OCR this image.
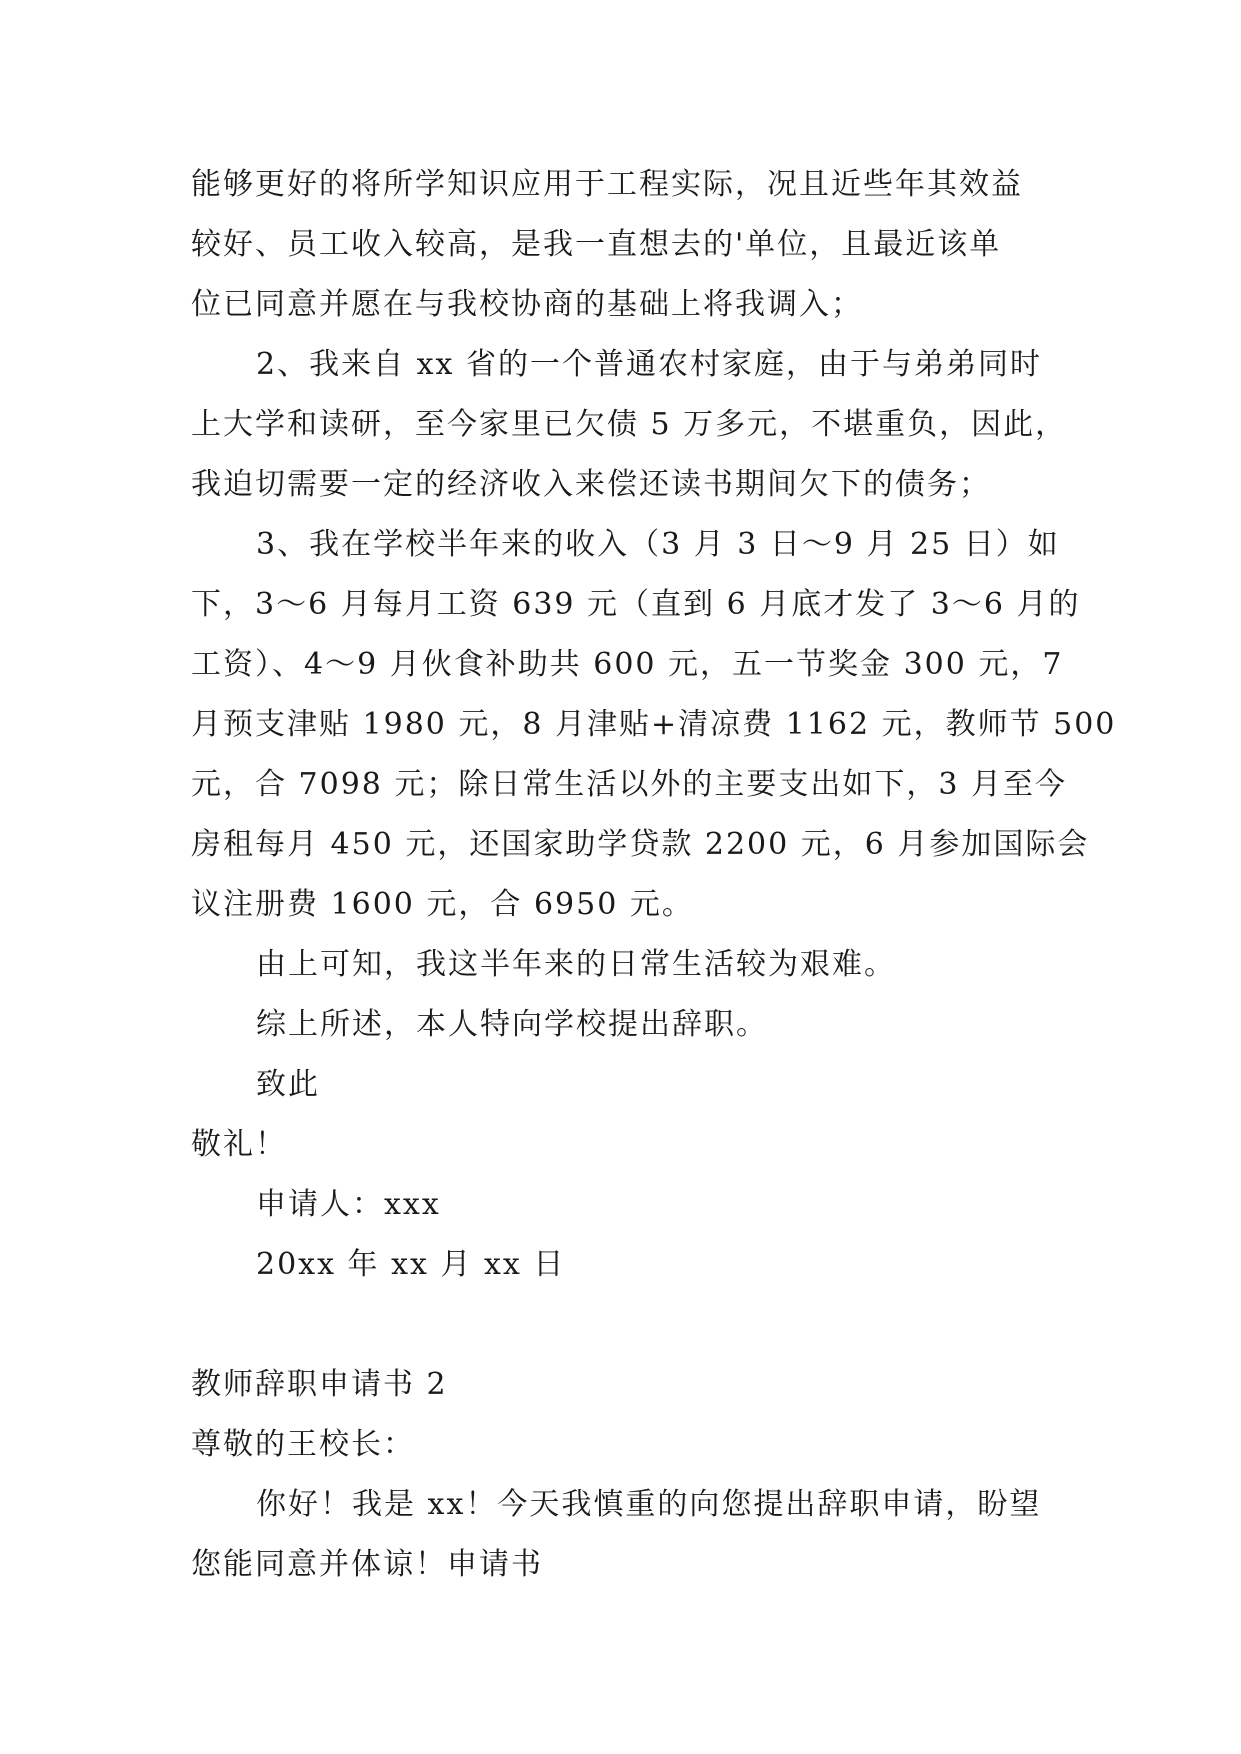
能够更好的将所学知识应用于工程实际，况且近些年其效益
较好、员工收入较高，是我一直想去的'单位，且最近该单
位已同意并愿在与我校协商的基础上将我调入；
2、我来自 xx 省的一个普通农村家庭，由于与弟弟同时
上大学和读研，至今家里已欠债 5 万多元，不堪重负，因此，
我迫切需要一定的经济收入来偿还读书期间欠下的债务；
3、我在学校半年来的收入（3 月 3 日～9 月 25 日）如
下，3～6 月每月工资 639 元（直到 6 月底才发了 3～6 月的
工资）、4～9 月伙食补助共 600 元，五一节奖金 300 元，7
月预支津贴 1980 元，8 月津贴+清凉费 1162 元，教师节 500
元，合 7098 元；除日常生活以外的主要支出如下，3 月至今
房租每月 450 元，还国家助学贷款 2200 元，6 月参加国际会
议注册费 1600 元，合 6950 元。
由上可知，我这半年来的日常生活较为艰难。
综上所述，本人特向学校提出辞职。
致此
敬礼！
申请人：xxx
20xx 年 xx 月 xx 日
教师辞职申请书 2
尊敬的王校长：
你好！我是 xx！今天我慎重的向您提出辞职申请，盼望
您能同意并体谅！申请书
